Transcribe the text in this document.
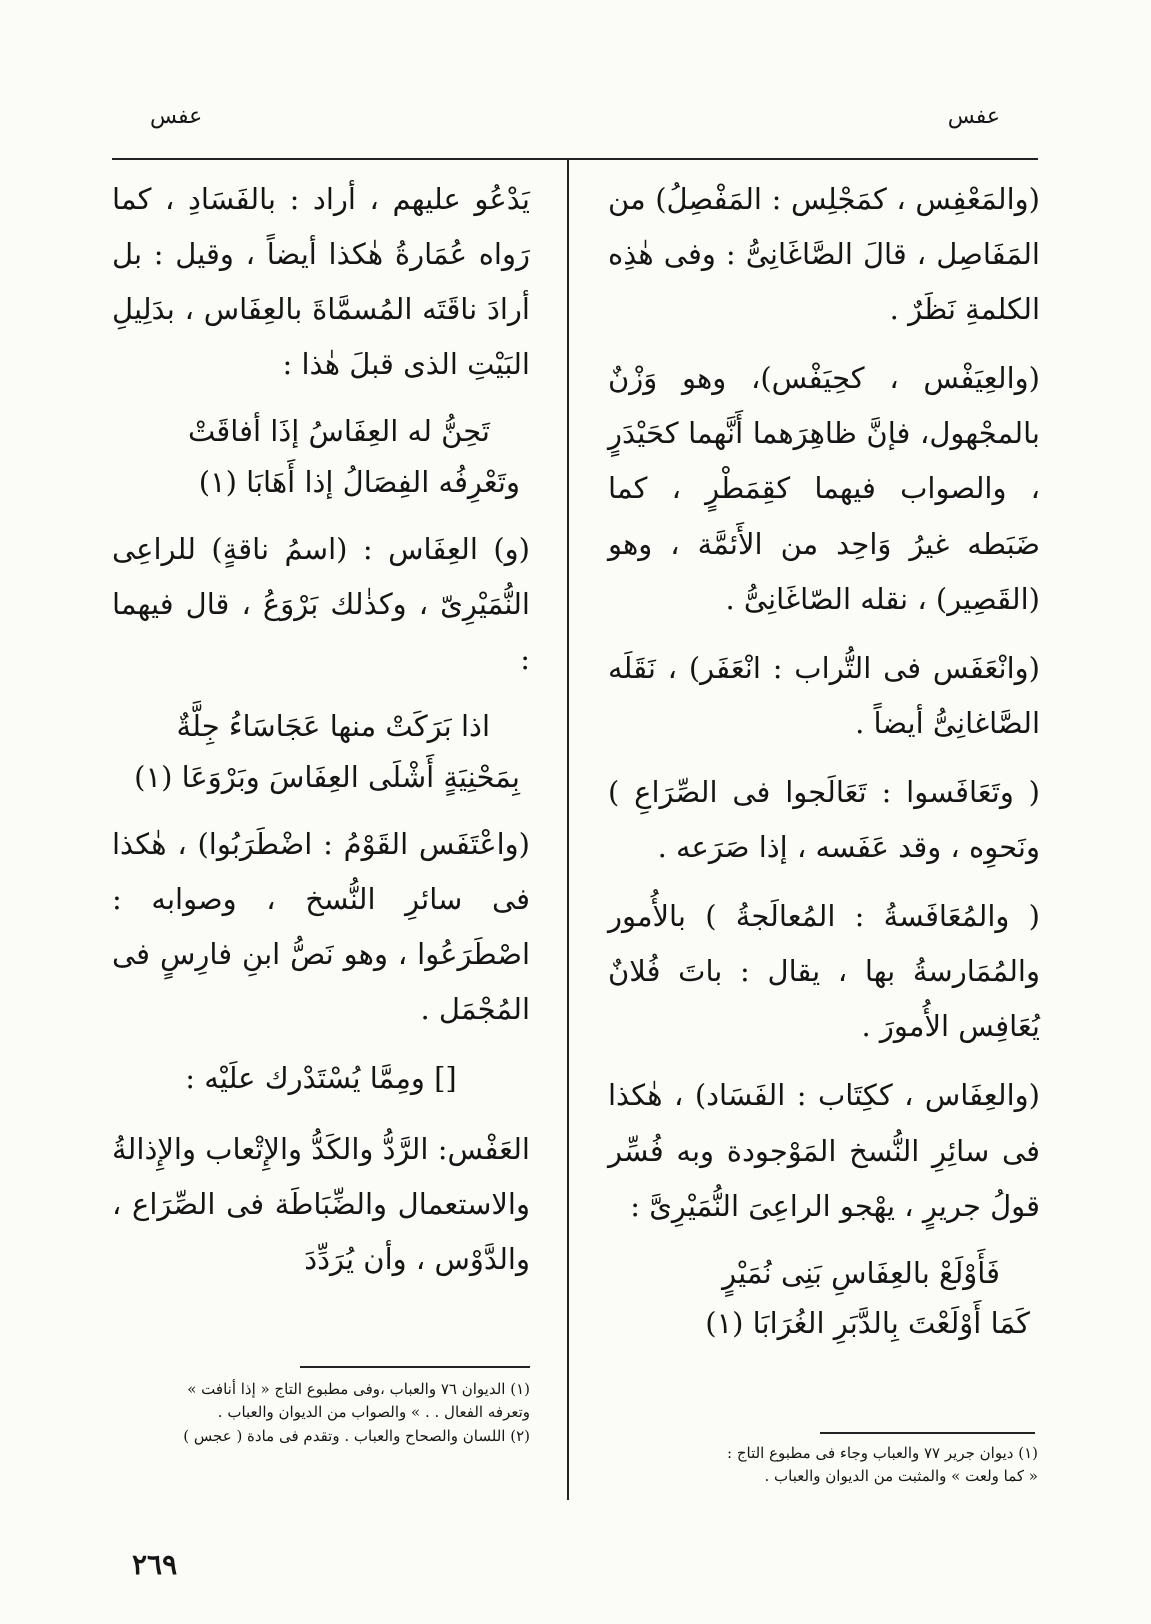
عفس
عفس

(والمَعْفِس ، كمَجْلِس : المَفْصِلُ) من المَفَاصِل ، قالَ الصَّاغَانِىُّ : وفى هٰذِه الكلمةِ نَظَرٌ .

(والعِيَفْس ، كحِيَفْس)، وهو وَزْنٌ بالمجْهول، فإنَّ ظاهِرَهما أَنَّهما كحَيْدَرٍ ، والصواب فيهما كقِمَطْرٍ ، كما ضَبَطه غيرُ وَاحِد من الأَئمَّة ، وهو (القَصِير) ، نقله الصّاغَانِىُّ .

(وانْعَفَس فى التُّراب : انْعَفَر) ، نَقَلَه الصَّاغانِىُّ أيضاً .

( وتَعَافَسوا : تَعَالَجوا فى الصِّرَاعِ ) ونَحوِه ، وقد عَفَسه ، إذا صَرَعه .

( والمُعَافَسةُ : المُعالَجةُ ) بالأُمور والمُمَارسةُ بها ، يقال : باتَ فُلانٌ يُعَافِس الأُمورَ .

(والعِفَاس ، ككِتَاب : الفَسَاد) ، هٰكذا فى سائِرِ النُّسخ المَوْجودة وبه فُسِّر قولُ جريرٍ ، يهْجو الراعِىَ النُّمَيْرِىَّ :

فَأَوْلَعْ بالعِفَاسِ بَنِى نُمَيْرٍ
كَمَا أَوْلَعْتَ بِالدَّبَرِ الغُرَابَا (١)

يَدْعُو عليهم ، أراد : بالفَسَادِ ، كما رَواه عُمَارةُ هٰكذا أيضاً ، وقيل : بل أرادَ ناقَتَه المُسمَّاةَ بالعِفَاس ، بدَلِيلِ البَيْتِ الذى قبلَ هٰذا :

تَحِنُّ له العِفَاسُ إذَا أفاقَتْ
وتَعْرِفُه الفِصَالُ إذا أَهَابَا (١)

(و) العِفَاس : (اسمُ ناقةٍ) للراعِى النُّمَيْرِىّ ، وكذٰلك بَرْوَعُ ، قال فيهما :

اذا بَرَكَتْ منها عَجَاسَاءُ جِلَّةٌ
بِمَحْنِيَةٍ أَشْلَى العِفَاسَ وبَرْوَعَا (١)

(واعْتَفَس القَوْمُ : اضْطَرَبُوا) ، هٰكذا فى سائرِ النُّسخ ، وصوابه : اصْطَرَعُوا ، وهو نَصُّ ابنِ فارِسٍ فى المُجْمَل .

[] ومِمَّا يُسْتَدْرك علَيْه :

العَفْس: الرَّدُّ والكَدُّ والإِتْعاب والإِذالةُ والاستعمال والضِّبَاطَة فى الصِّرَاع ، والدَّوْس ، وأن يُرَدِّدَ

(١) ديوان جرير ٧٧ والعباب وجاء فى مطبوع التاج :

« كما ولعت » والمثبت من الديوان والعباب .

(١) الديوان ٧٦ والعباب ،وفى مطبوع التاج « إذا أنافت »

وتعرفه الفعال . . » والصواب من الديوان والعباب .

(٢) اللسان والصحاح والعباب . وتقدم فى مادة ( عجس )

٢٦٩
